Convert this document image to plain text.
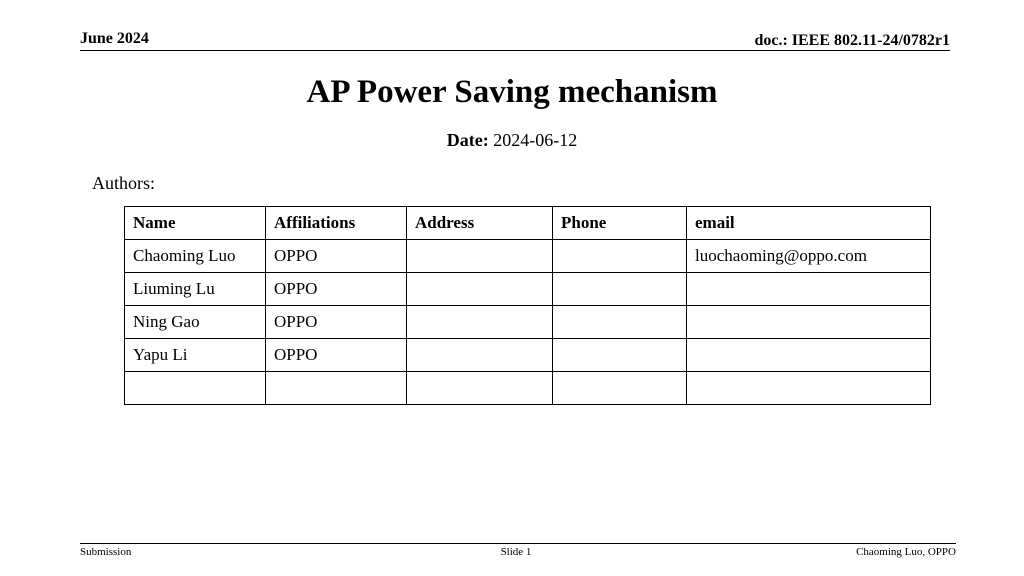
June 2024	doc.: IEEE 802.11-24/0782r1
AP Power Saving mechanism
Date: 2024-06-12
Authors:
Name	Affiliations	Address	Phone	email
Chaoming Luo	OPPO			luochaoming@oppo.com
Liuming Lu	OPPO			
Ning Gao	OPPO			
Yapu Li	OPPO			

Submission	Slide 1	Chaoming Luo, OPPO
